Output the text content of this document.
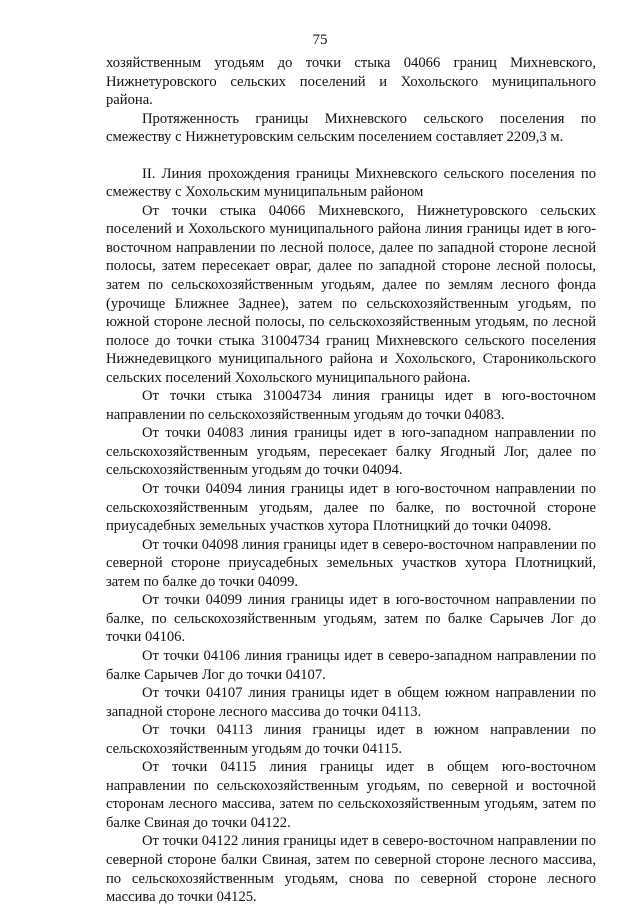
75

хозяйственным угодьям до точки стыка 04066 границ Михневского, Нижнетуровского сельских поселений и Хохольского муниципального района.

Протяженность границы Михневского сельского поселения по смежеству с Нижнетуровским сельским поселением составляет 2209,3 м.

II. Линия прохождения границы Михневского сельского поселения по смежеству с Хохольским муниципальным районом

От точки стыка 04066 Михневского, Нижнетуровского сельских поселений и Хохольского муниципального района линия границы идет в юго-восточном направлении по лесной полосе, далее по западной стороне лесной полосы, затем пересекает овраг, далее по западной стороне лесной полосы, затем по сельскохозяйственным угодьям, далее по землям лесного фонда (урочище Ближнее Заднее), затем по сельскохозяйственным угодьям, по южной стороне лесной полосы, по сельскохозяйственным угодьям, по лесной полосе до точки стыка 31004734 границ Михневского сельского поселения Нижнедевицкого муниципального района и Хохольского, Староникольского сельских поселений Хохольского муниципального района.

От точки стыка 31004734 линия границы идет в юго-восточном направлении по сельскохозяйственным угодьям до точки 04083.

От точки 04083 линия границы идет в юго-западном направлении по сельскохозяйственным угодьям, пересекает балку Ягодный Лог, далее по сельскохозяйственным угодьям до точки 04094.

От точки 04094 линия границы идет в юго-восточном направлении по сельскохозяйственным угодьям, далее по балке, по восточной стороне приусадебных земельных участков хутора Плотницкий до точки 04098.

От точки 04098 линия границы идет в северо-восточном направлении по северной стороне приусадебных земельных участков хутора Плотницкий, затем по балке до точки 04099.

От точки 04099 линия границы идет в юго-восточном направлении по балке, по сельскохозяйственным угодьям, затем по балке Сарычев Лог до точки 04106.

От точки 04106 линия границы идет в северо-западном направлении по балке Сарычев Лог до точки 04107.

От точки 04107 линия границы идет в общем южном направлении по западной стороне лесного массива до точки 04113.

От точки 04113 линия границы идет в южном направлении по сельскохозяйственным угодьям до точки 04115.

От точки 04115 линия границы идет в общем юго-восточном направлении по сельскохозяйственным угодьям, по северной и восточной сторонам лесного массива, затем по сельскохозяйственным угодьям, затем по балке Свиная до точки 04122.

От точки 04122 линия границы идет в северо-восточном направлении по северной стороне балки Свиная, затем по северной стороне лесного массива, по сельскохозяйственным угодьям, снова по северной стороне лесного массива до точки 04125.
